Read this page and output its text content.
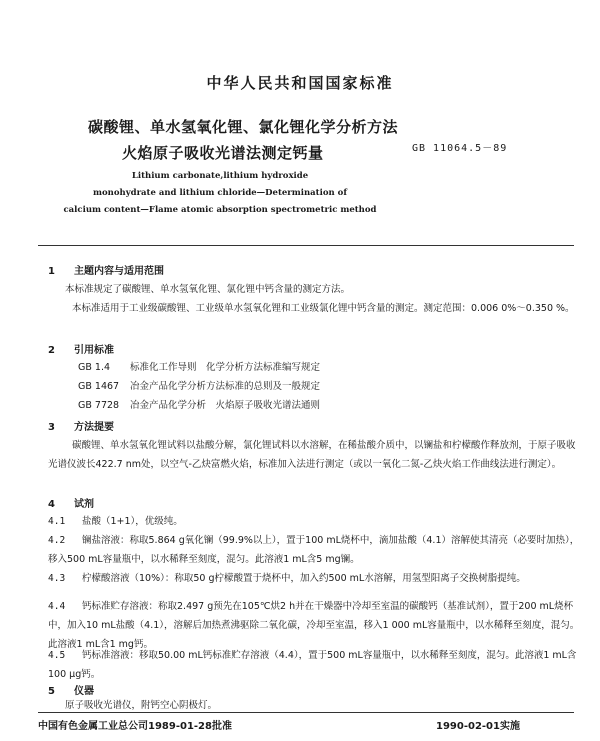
中华人民共和国国家标准
碳酸锂、单水氢氧化锂、氯化锂化学分析方法
火焰原子吸收光谱法测定钙量	GB 11064.5－89
Lithium carbonate,lithium hydroxide
monohydrate and lithium chloride—Determination of
calcium content—Flame atomic absorption spectrometric method
1 主题内容与适用范围
本标准规定了碳酸锂、单水氢氧化锂、氯化锂中钙含量的测定方法。
本标准适用于工业级碳酸锂、工业级单水氢氧化锂和工业级氯化锂中钙含量的测定。测定范围：0.006 0%～0.350 %。
2 引用标准
GB 1.4 标准化工作导则　化学分析方法标准编写规定
GB 1467 冶金产品化学分析方法标准的总则及一般规定
GB 7728 冶金产品化学分析　火焰原子吸收光谱法通则
3 方法提要
碳酸锂、单水氢氧化锂试料以盐酸分解，氯化锂试料以水溶解，在稀盐酸介质中，以镧盐和柠檬酸作释放剂，于原子吸收光谱仪波长422.7 nm处，以空气-乙炔富燃火焰，标准加入法进行测定（或以一氧化二氮-乙炔火焰工作曲线法进行测定）。
4 试剂
4.1 盐酸（1+1），优级纯。
4.2 镧盐溶液：称取5.864 g氧化镧（99.9%以上），置于100 mL烧杯中，滴加盐酸（4.1）溶解使其清亮（必要时加热），移入500 mL容量瓶中，以水稀释至刻度，混匀。此溶液1 mL含5 mg镧。
4.3 柠檬酸溶液（10%）：称取50 g柠檬酸置于烧杯中，加入约500 mL水溶解，用氢型阳离子交换树脂提纯。
4.4 钙标准贮存溶液：称取2.497 g预先在105℃烘2 h并在干燥器中冷却至室温的碳酸钙（基准试剂），置于200 mL烧杯中，加入10 mL盐酸（4.1），溶解后加热煮沸驱除二氧化碳，冷却至室温，移入1 000 mL容量瓶中，以水稀释至刻度，混匀。此溶液1 mL含1 mg钙。
4.5 钙标准溶液：移取50.00 mL钙标准贮存溶液（4.4），置于500 mL容量瓶中，以水稀释至刻度，混匀。此溶液1 mL含100 μg钙。
5 仪器
原子吸收光谱仪，附钙空心阴极灯。
中国有色金属工业总公司1989-01-28批准	1990-02-01实施
